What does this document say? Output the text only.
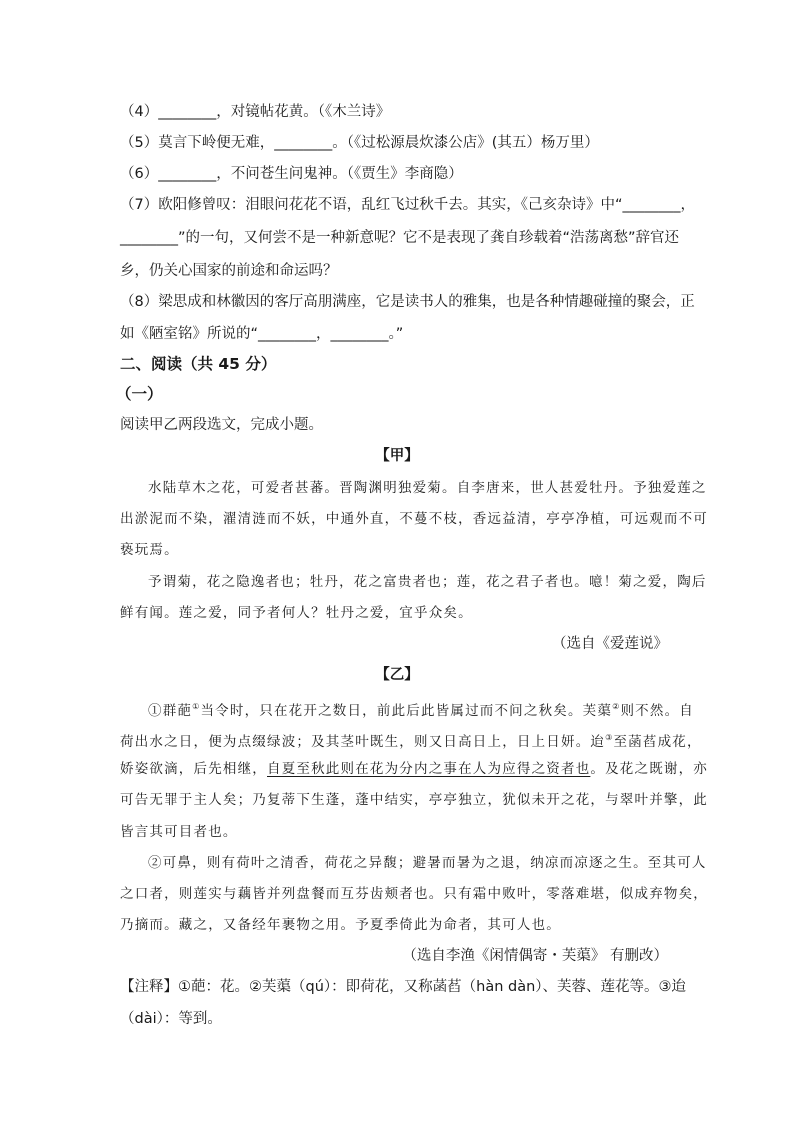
（4）________，对镜帖花黄。（《木兰诗》
（5）莫言下岭便无难，________。（《过松源晨炊漆公店》(其五）杨万里）
（6）________，不问苍生问鬼神。（《贾生》李商隐）
（7）欧阳修曾叹：泪眼问花花不语，乱红飞过秋千去。其实，《己亥杂诗》中“________，
________”的一句，又何尝不是一种新意呢？它不是表现了龚自珍载着“浩荡离愁”辞官还
乡，仍关心国家的前途和命运吗？
（8）梁思成和林徽因的客厅高朋满座，它是读书人的雅集，也是各种情趣碰撞的聚会，正
如《陋室铭》所说的“________，________。”
二、阅读（共 45 分）
（一）
阅读甲乙两段选文，完成小题。
【甲】
水陆草木之花，可爱者甚蕃。晋陶渊明独爱菊。自李唐来，世人甚爱牡丹。予独爱莲之
出淤泥而不染，濯清涟而不妖，中通外直，不蔓不枝，香远益清，亭亭净植，可远观而不可
亵玩焉。
予谓菊，花之隐逸者也；牡丹，花之富贵者也；莲，花之君子者也。噫！菊之爱，陶后
鲜有闻。莲之爱，同予者何人？牡丹之爱，宜乎众矣。
（选自《爱莲说》
【乙】
①群葩①当令时，只在花开之数日，前此后此皆属过而不问之秋矣。芙蕖②则不然。自
荷出水之日，便为点缀绿波；及其茎叶既生，则又日高日上，日上日妍。迨③至菡萏成花，
娇姿欲滴，后先相继，自夏至秋此则在花为分内之事在人为应得之资者也。及花之既谢，亦
可告无罪于主人矣；乃复蒂下生蓬，蓬中结实，亭亭独立，犹似未开之花，与翠叶并擎，此
皆言其可目者也。
②可鼻，则有荷叶之清香，荷花之异馥；避暑而暑为之退，纳凉而凉逐之生。至其可人
之口者，则莲实与藕皆并列盘餐而互芬齿颊者也。只有霜中败叶，零落难堪，似成弃物矣，
乃摘而。藏之，又备经年裹物之用。予夏季倚此为命者，其可人也。
（选自李渔《闲情偶寄・芙蕖》 有删改）
【注释】①葩：花。②芙蕖（qú）：即荷花，又称菡萏（hàn dàn）、芙蓉、莲花等。③迨
（dài）：等到。
